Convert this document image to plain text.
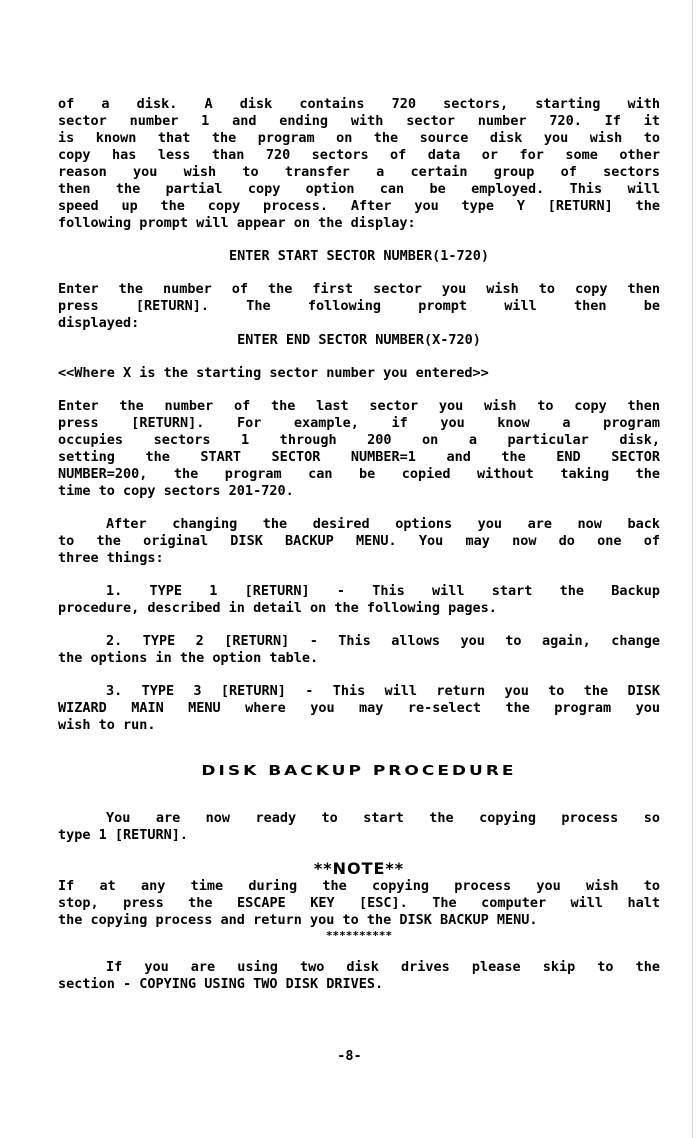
of a disk. A disk contains 720 sectors, starting with

sector number 1 and ending with sector number 720. If it

is known that the program on the source disk you wish to

copy has less than 720 sectors of data or for some other

reason you wish to transfer a certain group of sectors

then the partial copy option can be employed. This will

speed up the copy process. After you type Y [RETURN] the

following prompt will appear on the display:

ENTER START SECTOR NUMBER(1-720)

Enter the number of the first sector you wish to copy then

press [RETURN]. The following prompt will then be

displayed:

ENTER END SECTOR NUMBER(X-720)

<<Where X is the starting sector number you entered>>

Enter the number of the last sector you wish to copy then

press [RETURN]. For example, if you know a program

occupies sectors 1 through 200 on a particular disk,

setting the START SECTOR NUMBER=1 and the END SECTOR

NUMBER=200, the program can be copied without taking the

time to copy sectors 201-720.

After changing the desired options you are now back

to the original DISK BACKUP MENU. You may now do one of

three things:

1. TYPE 1 [RETURN] - This will start the Backup

procedure, described in detail on the following pages.

2. TYPE 2 [RETURN] - This allows you to again, change

the options in the option table.

3. TYPE 3 [RETURN] - This will return you to the DISK

WIZARD MAIN MENU where you may re-select the program you

wish to run.

DISK BACKUP PROCEDURE

You are now ready to start the copying process so

type 1 [RETURN].

**NOTE**

If at any time during the copying process you wish to

stop, press the ESCAPE KEY [ESC]. The computer will halt

the copying process and return you to the DISK BACKUP MENU.

**********

If you are using two disk drives please skip to the

section - COPYING USING TWO DISK DRIVES.

-8-
